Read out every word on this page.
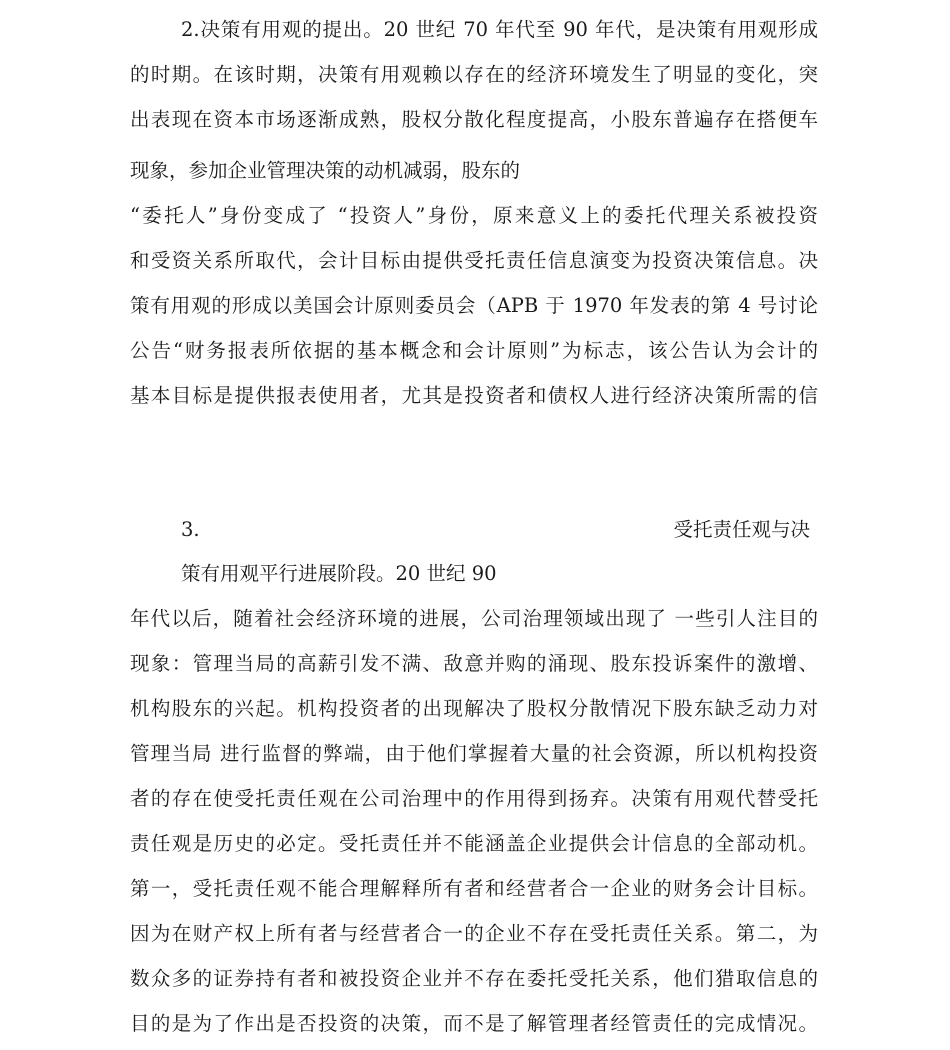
2.决策有用观的提出。20 世纪 70 年代至 90 年代，是决策有用观形成
的时期。在该时期，决策有用观赖以存在的经济环境发生了明显的变化，突
出表现在资本市场逐渐成熟，股权分散化程度提高，小股东普遍存在搭便车
现象，参加企业管理决策的动机减弱，股东的
“委托人”身份变成了 “投资人”身份，原来意义上的委托代理关系被投资
和受资关系所取代，会计目标由提供受托责任信息演变为投资决策信息。决
策有用观的形成以美国会计原则委员会（APB 于 1970 年发表的第 4 号讨论
公告“财务报表所依据的基本概念和会计原则”为标志，该公告认为会计的
基本目标是提供报表使用者，尤其是投资者和债权人进行经济决策所需的信
3.	受托责任观与决
策有用观平行进展阶段。20 世纪 90
年代以后，随着社会经济环境的进展，公司治理领域出现了 一些引人注目的
现象：管理当局的高薪引发不满、敌意并购的涌现、股东投诉案件的激增、
机构股东的兴起。机构投资者的出现解决了股权分散情况下股东缺乏动力对
管理当局 进行监督的弊端，由于他们掌握着大量的社会资源，所以机构投资
者的存在使受托责任观在公司治理中的作用得到扬弃。决策有用观代替受托
责任观是历史的必定。受托责任并不能涵盖企业提供会计信息的全部动机。
第一，受托责任观不能合理解释所有者和经营者合一企业的财务会计目标。
因为在财产权上所有者与经营者合一的企业不存在受托责任关系。第二，为
数众多的证券持有者和被投资企业并不存在委托受托关系，他们猎取信息的
目的是为了作出是否投资的决策，而不是了解管理者经管责任的完成情况。
